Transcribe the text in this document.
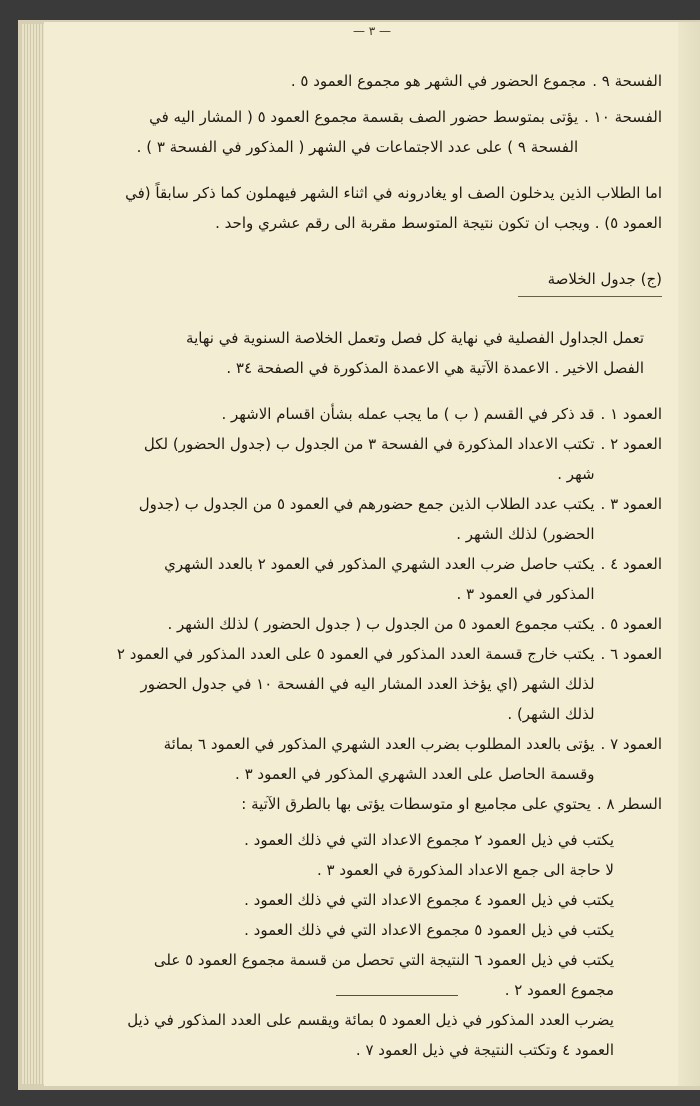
— ٣ —
الفسحة ٩ .
مجموع الحضور في الشهر هو مجموع العمود ٥ .
الفسحة ١٠ .
يؤتى بمتوسط حضور الصف بقسمة مجموع العمود ٥ ( المشار اليه في الفسحة ٩ ) على عدد الاجتماعات في الشهر ( المذكور في الفسحة ٣ ) .

اما الطلاب الذين يدخلون الصف او يغادرونه في اثناء الشهر فيهملون كما ذكر سابقاً (في العمود ٥) . ويجب ان تكون نتيجة المتوسط مقربة الى رقم عشري واحد .

(ج) جدول الخلاصة

تعمل الجداول الفصلية في نهاية كل فصل وتعمل الخلاصة السنوية في نهاية الفصل الاخير . الاعمدة الآتية هي الاعمدة المذكورة في الصفحة ٣٤ .

العمود ١ .
قد ذكر في القسم ( ب ) ما يجب عمله بشأن اقسام الاشهر .
العمود ٢ .
تكتب الاعداد المذكورة في الفسحة ٣ من الجدول ب (جدول الحضور) لكل شهر .
العمود ٣ .
يكتب عدد الطلاب الذين جمع حضورهم في العمود ٥ من الجدول ب (جدول الحضور) لذلك الشهر .
العمود ٤ .
يكتب حاصل ضرب العدد الشهري المذكور في العمود ٢ بالعدد الشهري المذكور في العمود ٣ .
العمود ٥ .
يكتب مجموع العمود ٥ من الجدول ب ( جدول الحضور ) لذلك الشهر .
العمود ٦ .
يكتب خارج قسمة العدد المذكور في العمود ٥ على العدد المذكور في العمود ٢ لذلك الشهر (اي يؤخذ العدد المشار اليه في الفسحة ١٠ في جدول الحضور لذلك الشهر) .
العمود ٧ .
يؤتى بالعدد المطلوب بضرب العدد الشهري المذكور في العمود ٦ بمائة وقسمة الحاصل على العدد الشهري المذكور في العمود ٣ .
السطر ٨ .
يحتوي على مجاميع او متوسطات يؤتى بها بالطرق الآتية :

يكتب في ذيل العمود ٢ مجموع الاعداد التي في ذلك العمود .

لا حاجة الى جمع الاعداد المذكورة في العمود ٣ .

يكتب في ذيل العمود ٤ مجموع الاعداد التي في ذلك العمود .

يكتب في ذيل العمود ٥ مجموع الاعداد التي في ذلك العمود .

يكتب في ذيل العمود ٦ النتيجة التي تحصل من قسمة مجموع العمود ٥ على مجموع العمود ٢ .

يضرب العدد المذكور في ذيل العمود ٥ بمائة ويقسم على العدد المذكور في ذيل العمود ٤ وتكتب النتيجة في ذيل العمود ٧ .
